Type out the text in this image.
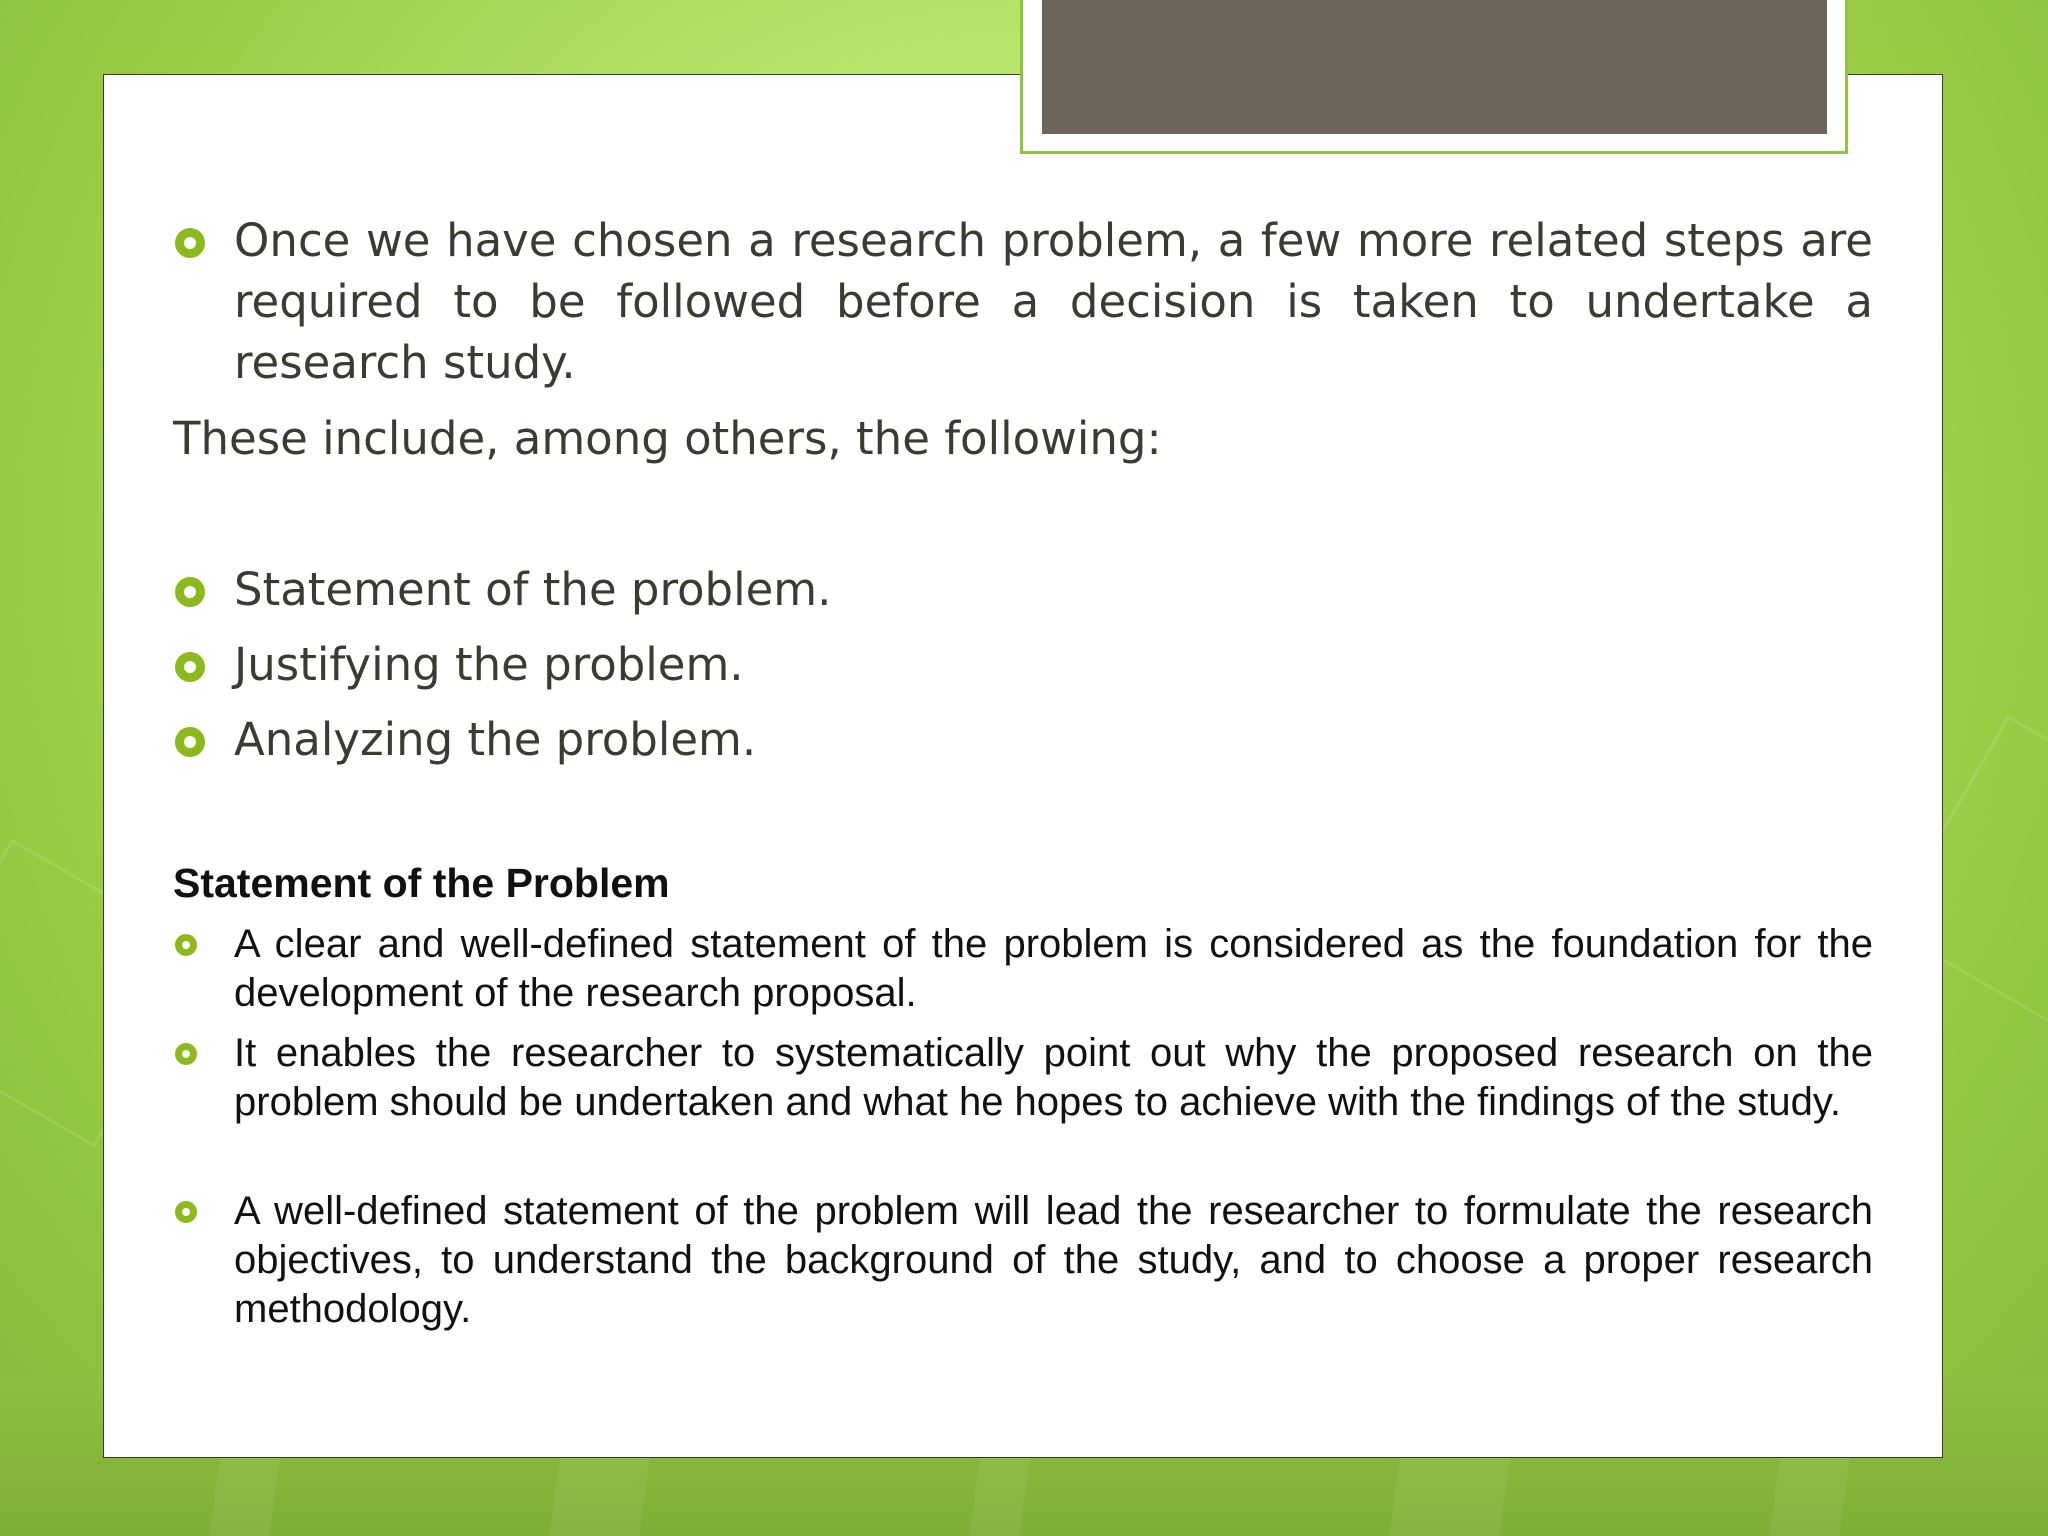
Once we have chosen a research problem, a few more related steps are required to be followed before a decision is taken to undertake a research study.
These include, among others, the following:
Statement of the problem.
Justifying the problem.
Analyzing the problem.
Statement of the Problem
A clear and well-defined statement of the problem is considered as the foundation for the development of the research proposal.
It enables the researcher to systematically point out why the proposed research on the problem should be undertaken and what he hopes to achieve with the findings of the study.
A well-defined statement of the problem will lead the researcher to formulate the research objectives, to understand the background of the study, and to choose a proper research methodology.
